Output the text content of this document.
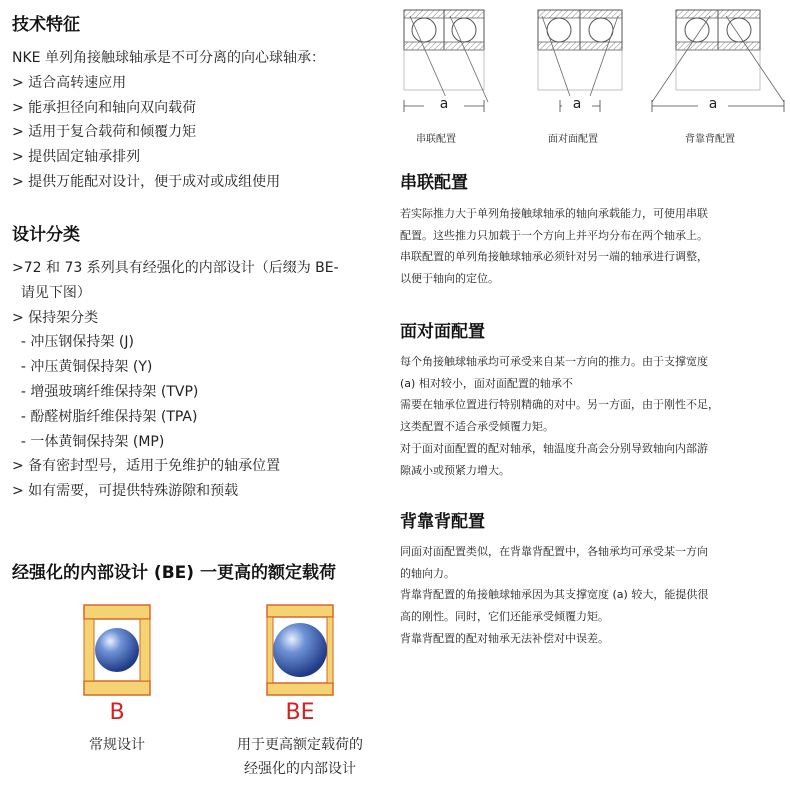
技术特征
NKE 单列角接触球轴承是不可分离的向心球轴承：
> 适合高转速应用
> 能承担径向和轴向双向载荷
> 适用于复合载荷和倾覆力矩
> 提供固定轴承排列
> 提供万能配对设计，便于成对或成组使用
设计分类
>72 和 73 系列具有经强化的内部设计（后缀为 BE-
请见下图）
> 保持架分类
- 冲压钢保持架 (J)
- 冲压黄铜保持架 (Y)
- 增强玻璃纤维保持架 (TVP)
- 酚醛树脂纤维保持架 (TPA)
- 一体黄铜保持架 (MP)
> 备有密封型号，适用于免维护的轴承位置
> 如有需要，可提供特殊游隙和预载
经强化的内部设计 (BE) 一更高的额定载荷
B
常规设计
BE
用于更高额定载荷的
经强化的内部设计
a	a	a
串联配置	面对面配置	背靠背配置
串联配置

若实际推力大于单列角接触球轴承的轴向承载能力，可使用串联

配置。这些推力只加载于一个方向上并平均分布在两个轴承上。

串联配置的单列角接触球轴承必须针对另一端的轴承进行调整，

以便于轴向的定位。

面对面配置

每个角接触球轴承均可承受来自某一方向的推力。由于支撑宽度

(a) 相对较小，面对面配置的轴承不

需要在轴承位置进行特别精确的对中。另一方面，由于刚性不足，

这类配置不适合承受倾覆力矩。

对于面对面配置的配对轴承，轴温度升高会分别导致轴向内部游

隙减小或预紧力增大。

背靠背配置

同面对面配置类似，在背靠背配置中，各轴承均可承受某一方向

的轴向力。

背靠背配置的角接触球轴承因为其支撑宽度 (a) 较大，能提供很

高的刚性。同时，它们还能承受倾覆力矩。

背靠背配置的配对轴承无法补偿对中误差。
